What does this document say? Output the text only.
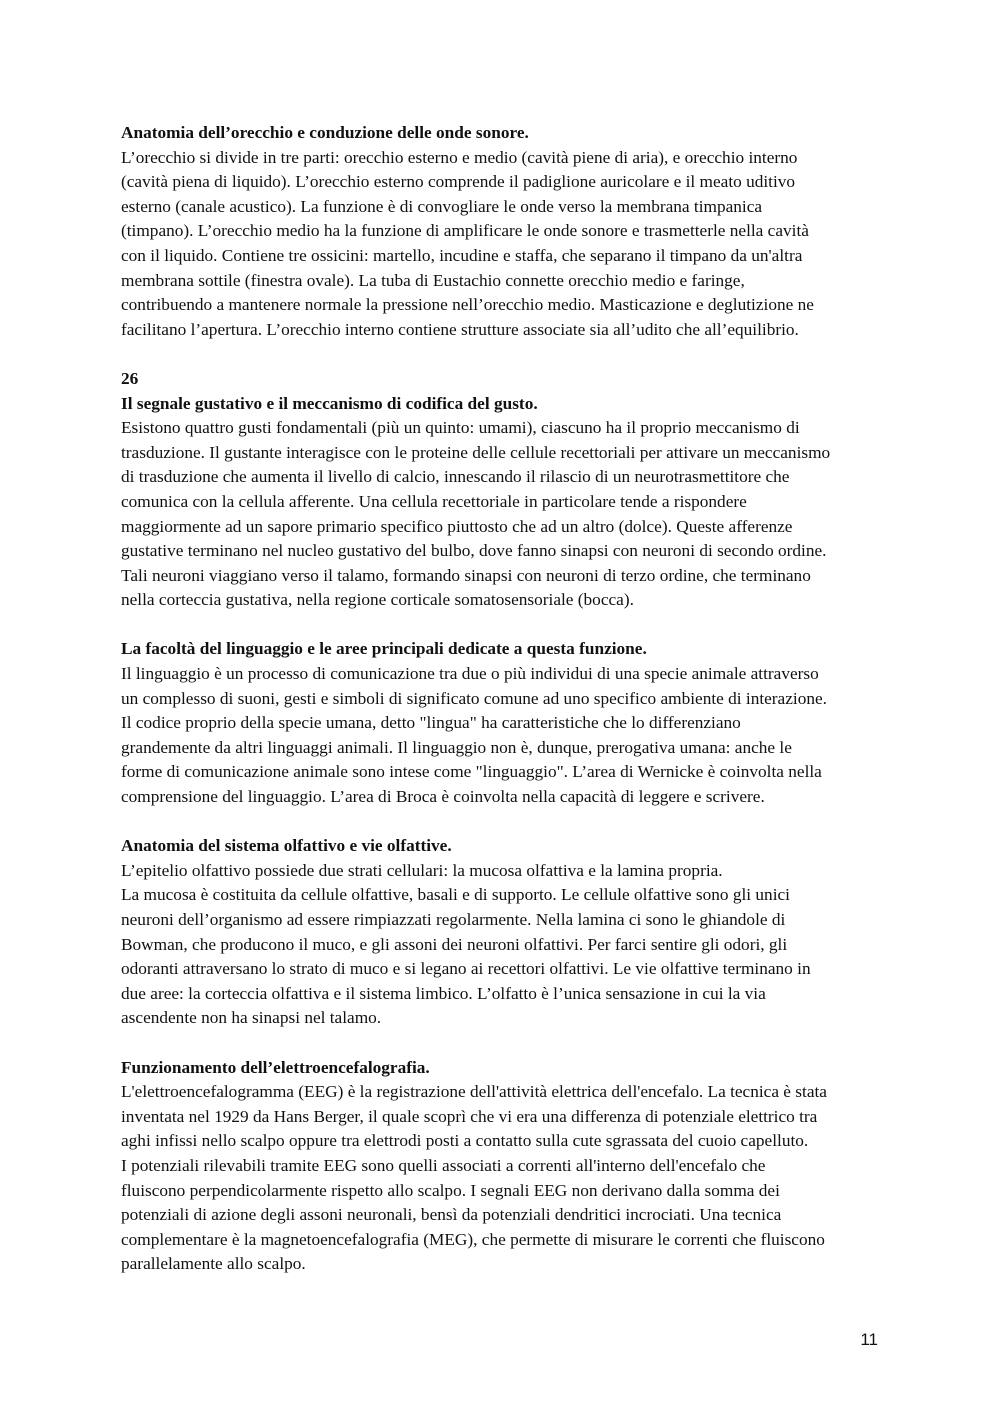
Anatomia dell’orecchio e conduzione delle onde sonore.
L’orecchio si divide in tre parti: orecchio esterno e medio (cavità piene di aria), e orecchio interno
(cavità piena di liquido). L’orecchio esterno comprende il padiglione auricolare e il meato uditivo
esterno (canale acustico). La funzione è di convogliare le onde verso la membrana timpanica
(timpano). L’orecchio medio ha la funzione di amplificare le onde sonore e trasmetterle nella cavità
con il liquido. Contiene tre ossicini: martello, incudine e staffa, che separano il timpano da un'altra
membrana sottile (finestra ovale). La tuba di Eustachio connette orecchio medio e faringe,
contribuendo a mantenere normale la pressione nell’orecchio medio. Masticazione e deglutizione ne
facilitano l’apertura. L’orecchio interno contiene strutture associate sia all’udito che all’equilibrio.
26
Il segnale gustativo e il meccanismo di codifica del gusto.
Esistono quattro gusti fondamentali (più un quinto: umami), ciascuno ha il proprio meccanismo di
trasduzione. Il gustante interagisce con le proteine delle cellule recettoriali per attivare un meccanismo
di trasduzione che aumenta il livello di calcio, innescando il rilascio di un neurotrasmettitore che
comunica con la cellula afferente. Una cellula recettoriale in particolare tende a rispondere
maggiormente ad un sapore primario specifico piuttosto che ad un altro (dolce). Queste afferenze
gustative terminano nel nucleo gustativo del bulbo, dove fanno sinapsi con neuroni di secondo ordine.
Tali neuroni viaggiano verso il talamo, formando sinapsi con neuroni di terzo ordine, che terminano
nella corteccia gustativa, nella regione corticale somatosensoriale (bocca).
La facoltà del linguaggio e le aree principali dedicate a questa funzione.
Il linguaggio è un processo di comunicazione tra due o più individui di una specie animale attraverso
un complesso di suoni, gesti e simboli di significato comune ad uno specifico ambiente di interazione.
Il codice proprio della specie umana, detto "lingua" ha caratteristiche che lo differenziano
grandemente da altri linguaggi animali. Il linguaggio non è, dunque, prerogativa umana: anche le
forme di comunicazione animale sono intese come "linguaggio". L’area di Wernicke è coinvolta nella
comprensione del linguaggio. L’area di Broca è coinvolta nella capacità di leggere e scrivere.
Anatomia del sistema olfattivo e vie olfattive.
L’epitelio olfattivo possiede due strati cellulari: la mucosa olfattiva e la lamina propria.
La mucosa è costituita da cellule olfattive, basali e di supporto. Le cellule olfattive sono gli unici
neuroni dell’organismo ad essere rimpiazzati regolarmente. Nella lamina ci sono le ghiandole di
Bowman, che producono il muco, e gli assoni dei neuroni olfattivi. Per farci sentire gli odori, gli
odoranti attraversano lo strato di muco e si legano ai recettori olfattivi. Le vie olfattive terminano in
due aree: la corteccia olfattiva e il sistema limbico. L’olfatto è l’unica sensazione in cui la via
ascendente non ha sinapsi nel talamo.
Funzionamento dell’elettroencefalografia.
L'elettroencefalogramma (EEG) è la registrazione dell'attività elettrica dell'encefalo. La tecnica è stata
inventata nel 1929 da Hans Berger, il quale scoprì che vi era una differenza di potenziale elettrico tra
aghi infissi nello scalpo oppure tra elettrodi posti a contatto sulla cute sgrassata del cuoio capelluto.
I potenziali rilevabili tramite EEG sono quelli associati a correnti all'interno dell'encefalo che
fluiscono perpendicolarmente rispetto allo scalpo. I segnali EEG non derivano dalla somma dei
potenziali di azione degli assoni neuronali, bensì da potenziali dendritici incrociati. Una tecnica
complementare è la magnetoencefalografia (MEG), che permette di misurare le correnti che fluiscono
parallelamente allo scalpo.
11
